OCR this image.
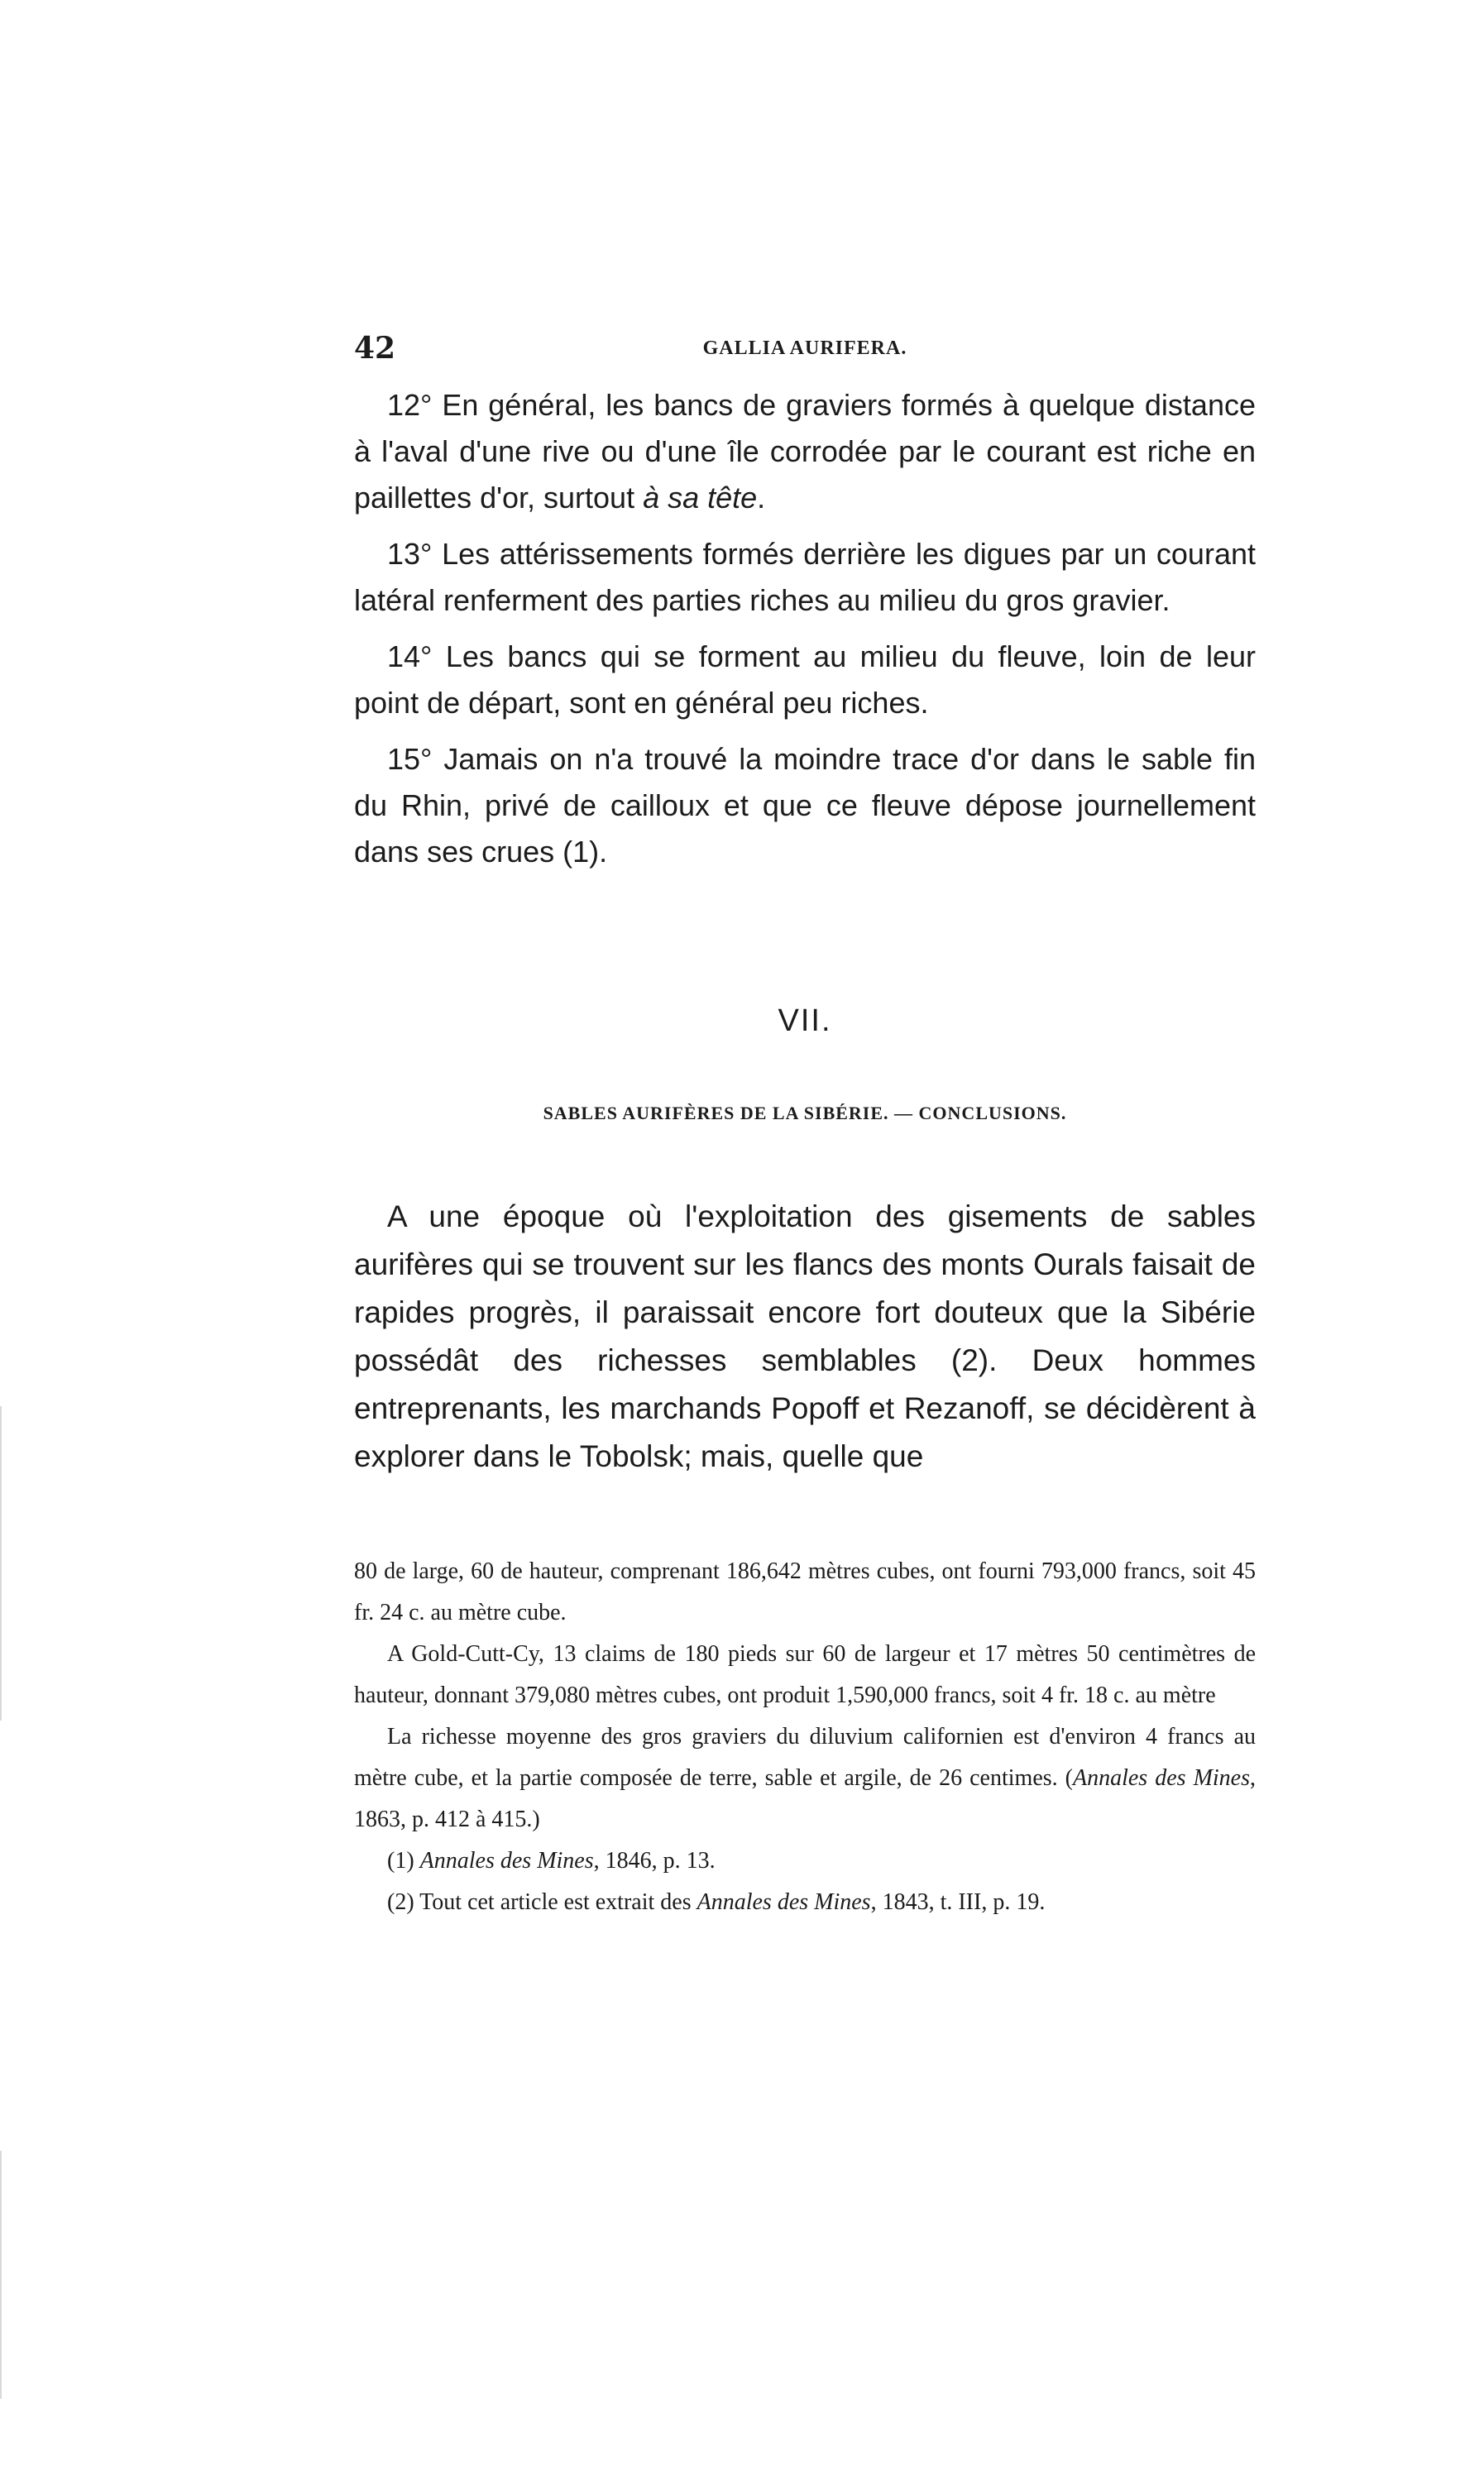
42	GALLIA AURIFERA.

12° En général, les bancs de graviers formés à quelque distance à l'aval d'une rive ou d'une île corrodée par le courant est riche en paillettes d'or, surtout à sa tête.

13° Les attérissements formés derrière les digues par un courant latéral renferment des parties riches au milieu du gros gravier.

14° Les bancs qui se forment au milieu du fleuve, loin de leur point de départ, sont en général peu riches.

15° Jamais on n'a trouvé la moindre trace d'or dans le sable fin du Rhin, privé de cailloux et que ce fleuve dépose journellement dans ses crues (1).

VII.
SABLES AURIFÈRES DE LA SIBÉRIE. — CONCLUSIONS.

A une époque où l'exploitation des gisements de sables aurifères qui se trouvent sur les flancs des monts Ourals faisait de rapides progrès, il paraissait encore fort douteux que la Sibérie possédât des richesses semblables (2). Deux hommes entreprenants, les marchands Popoff et Rezanoff, se décidèrent à explorer dans le Tobolsk; mais, quelle que

80 de large, 60 de hauteur, comprenant 186,642 mètres cubes, ont fourni 793,000 francs, soit 45 fr. 24 c. au mètre cube.

A Gold-Cutt-Cy, 13 claims de 180 pieds sur 60 de largeur et 17 mètres 50 centimètres de hauteur, donnant 379,080 mètres cubes, ont produit 1,590,000 francs, soit 4 fr. 18 c. au mètre

La richesse moyenne des gros graviers du diluvium californien est d'environ 4 francs au mètre cube, et la partie composée de terre, sable et argile, de 26 centimes. (Annales des Mines, 1863, p. 412 à 415.)

(1) Annales des Mines, 1846, p. 13.

(2) Tout cet article est extrait des Annales des Mines, 1843, t. III, p. 19.
